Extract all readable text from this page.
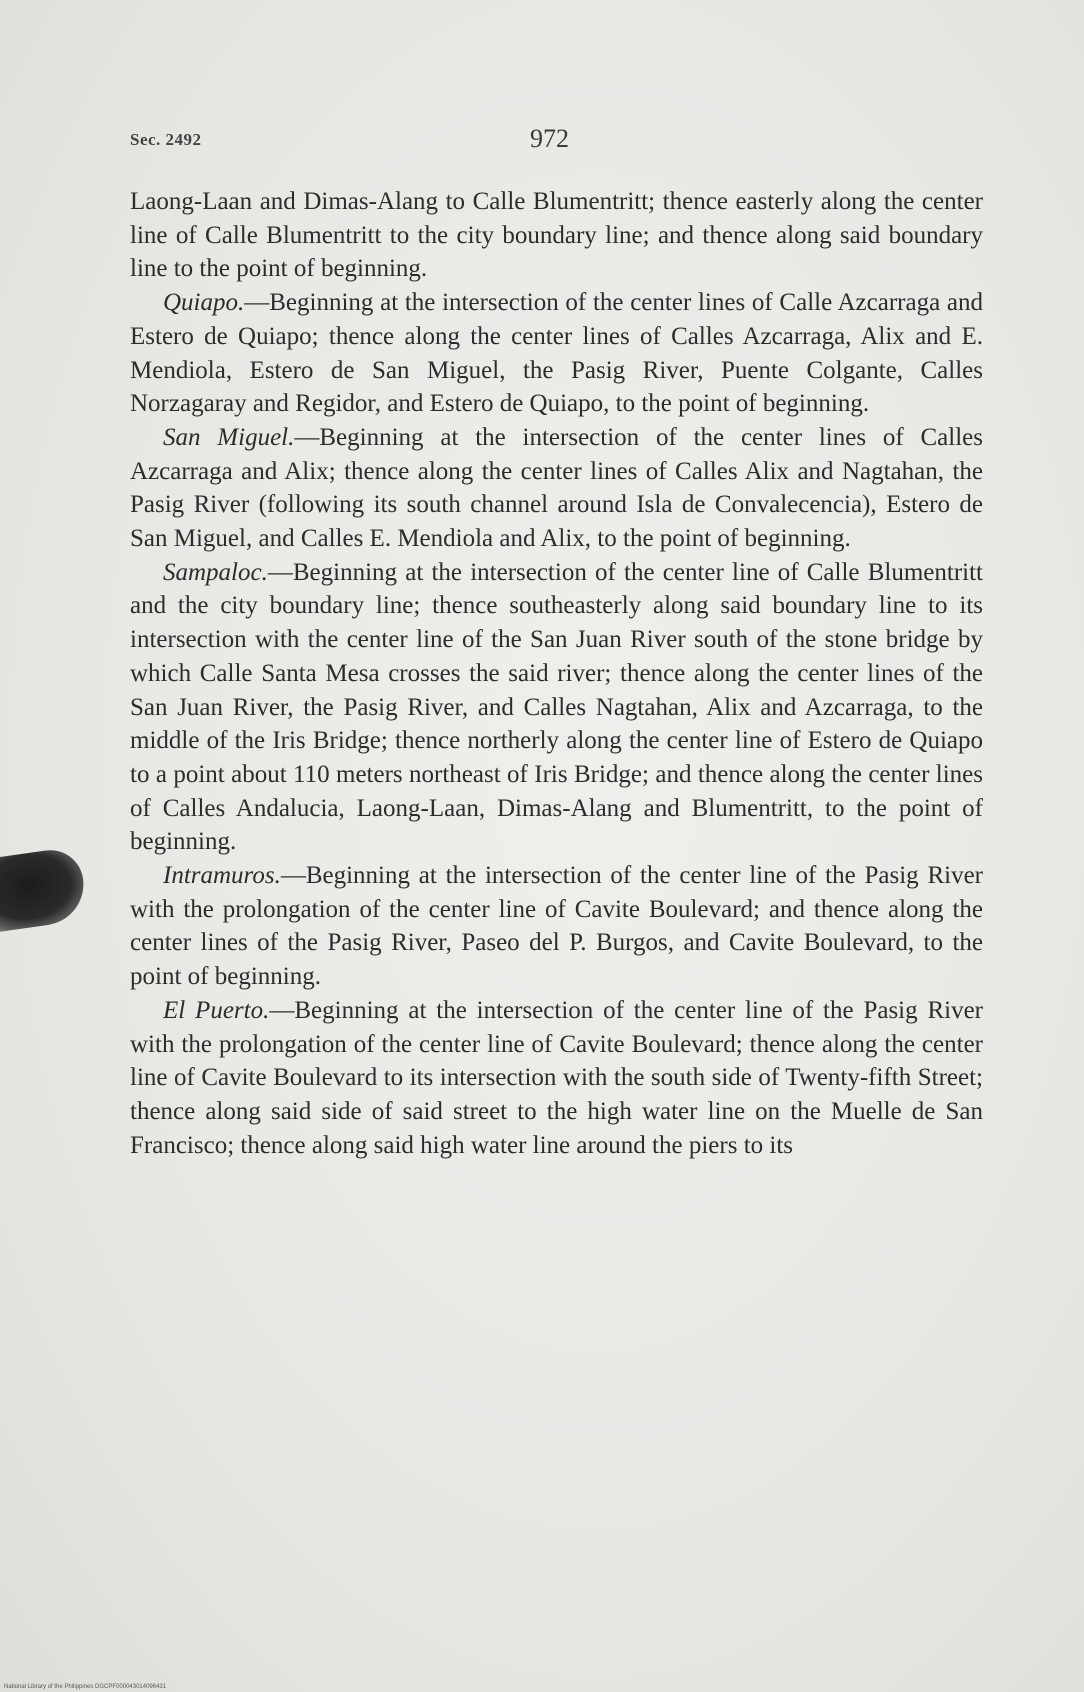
Sec. 2492	972

Laong-Laan and Dimas-Alang to Calle Blumentritt; thence easterly along the center line of Calle Blumentritt to the city boundary line; and thence along said boundary line to the point of beginning.

Quiapo.—Beginning at the intersection of the center lines of Calle Azcarraga and Estero de Quiapo; thence along the center lines of Calles Azcarraga, Alix and E. Mendiola, Estero de San Miguel, the Pasig River, Puente Colgante, Calles Norzagaray and Regidor, and Estero de Quiapo, to the point of beginning.

San Miguel.—Beginning at the intersection of the center lines of Calles Azcarraga and Alix; thence along the center lines of Calles Alix and Nagtahan, the Pasig River (following its south channel around Isla de Convalecencia), Estero de San Miguel, and Calles E. Mendiola and Alix, to the point of beginning.

Sampaloc.—Beginning at the intersection of the center line of Calle Blumentritt and the city boundary line; thence southeasterly along said boundary line to its intersection with the center line of the San Juan River south of the stone bridge by which Calle Santa Mesa crosses the said river; thence along the center lines of the San Juan River, the Pasig River, and Calles Nagtahan, Alix and Azcarraga, to the middle of the Iris Bridge; thence northerly along the center line of Estero de Quiapo to a point about 110 meters northeast of Iris Bridge; and thence along the center lines of Calles Andalucia, Laong-Laan, Dimas-Alang and Blumentritt, to the point of beginning.

Intramuros.—Beginning at the intersection of the center line of the Pasig River with the prolongation of the center line of Cavite Boulevard; and thence along the center lines of the Pasig River, Paseo del P. Burgos, and Cavite Boulevard, to the point of beginning.

El Puerto.—Beginning at the intersection of the center line of the Pasig River with the prolongation of the center line of Cavite Boulevard; thence along the center line of Cavite Boulevard to its intersection with the south side of Twenty-fifth Street; thence along said side of said street to the high water line on the Muelle de San Francisco; thence along said high water line around the piers to its

National Library of the Philippines DGCPF000043014096431
